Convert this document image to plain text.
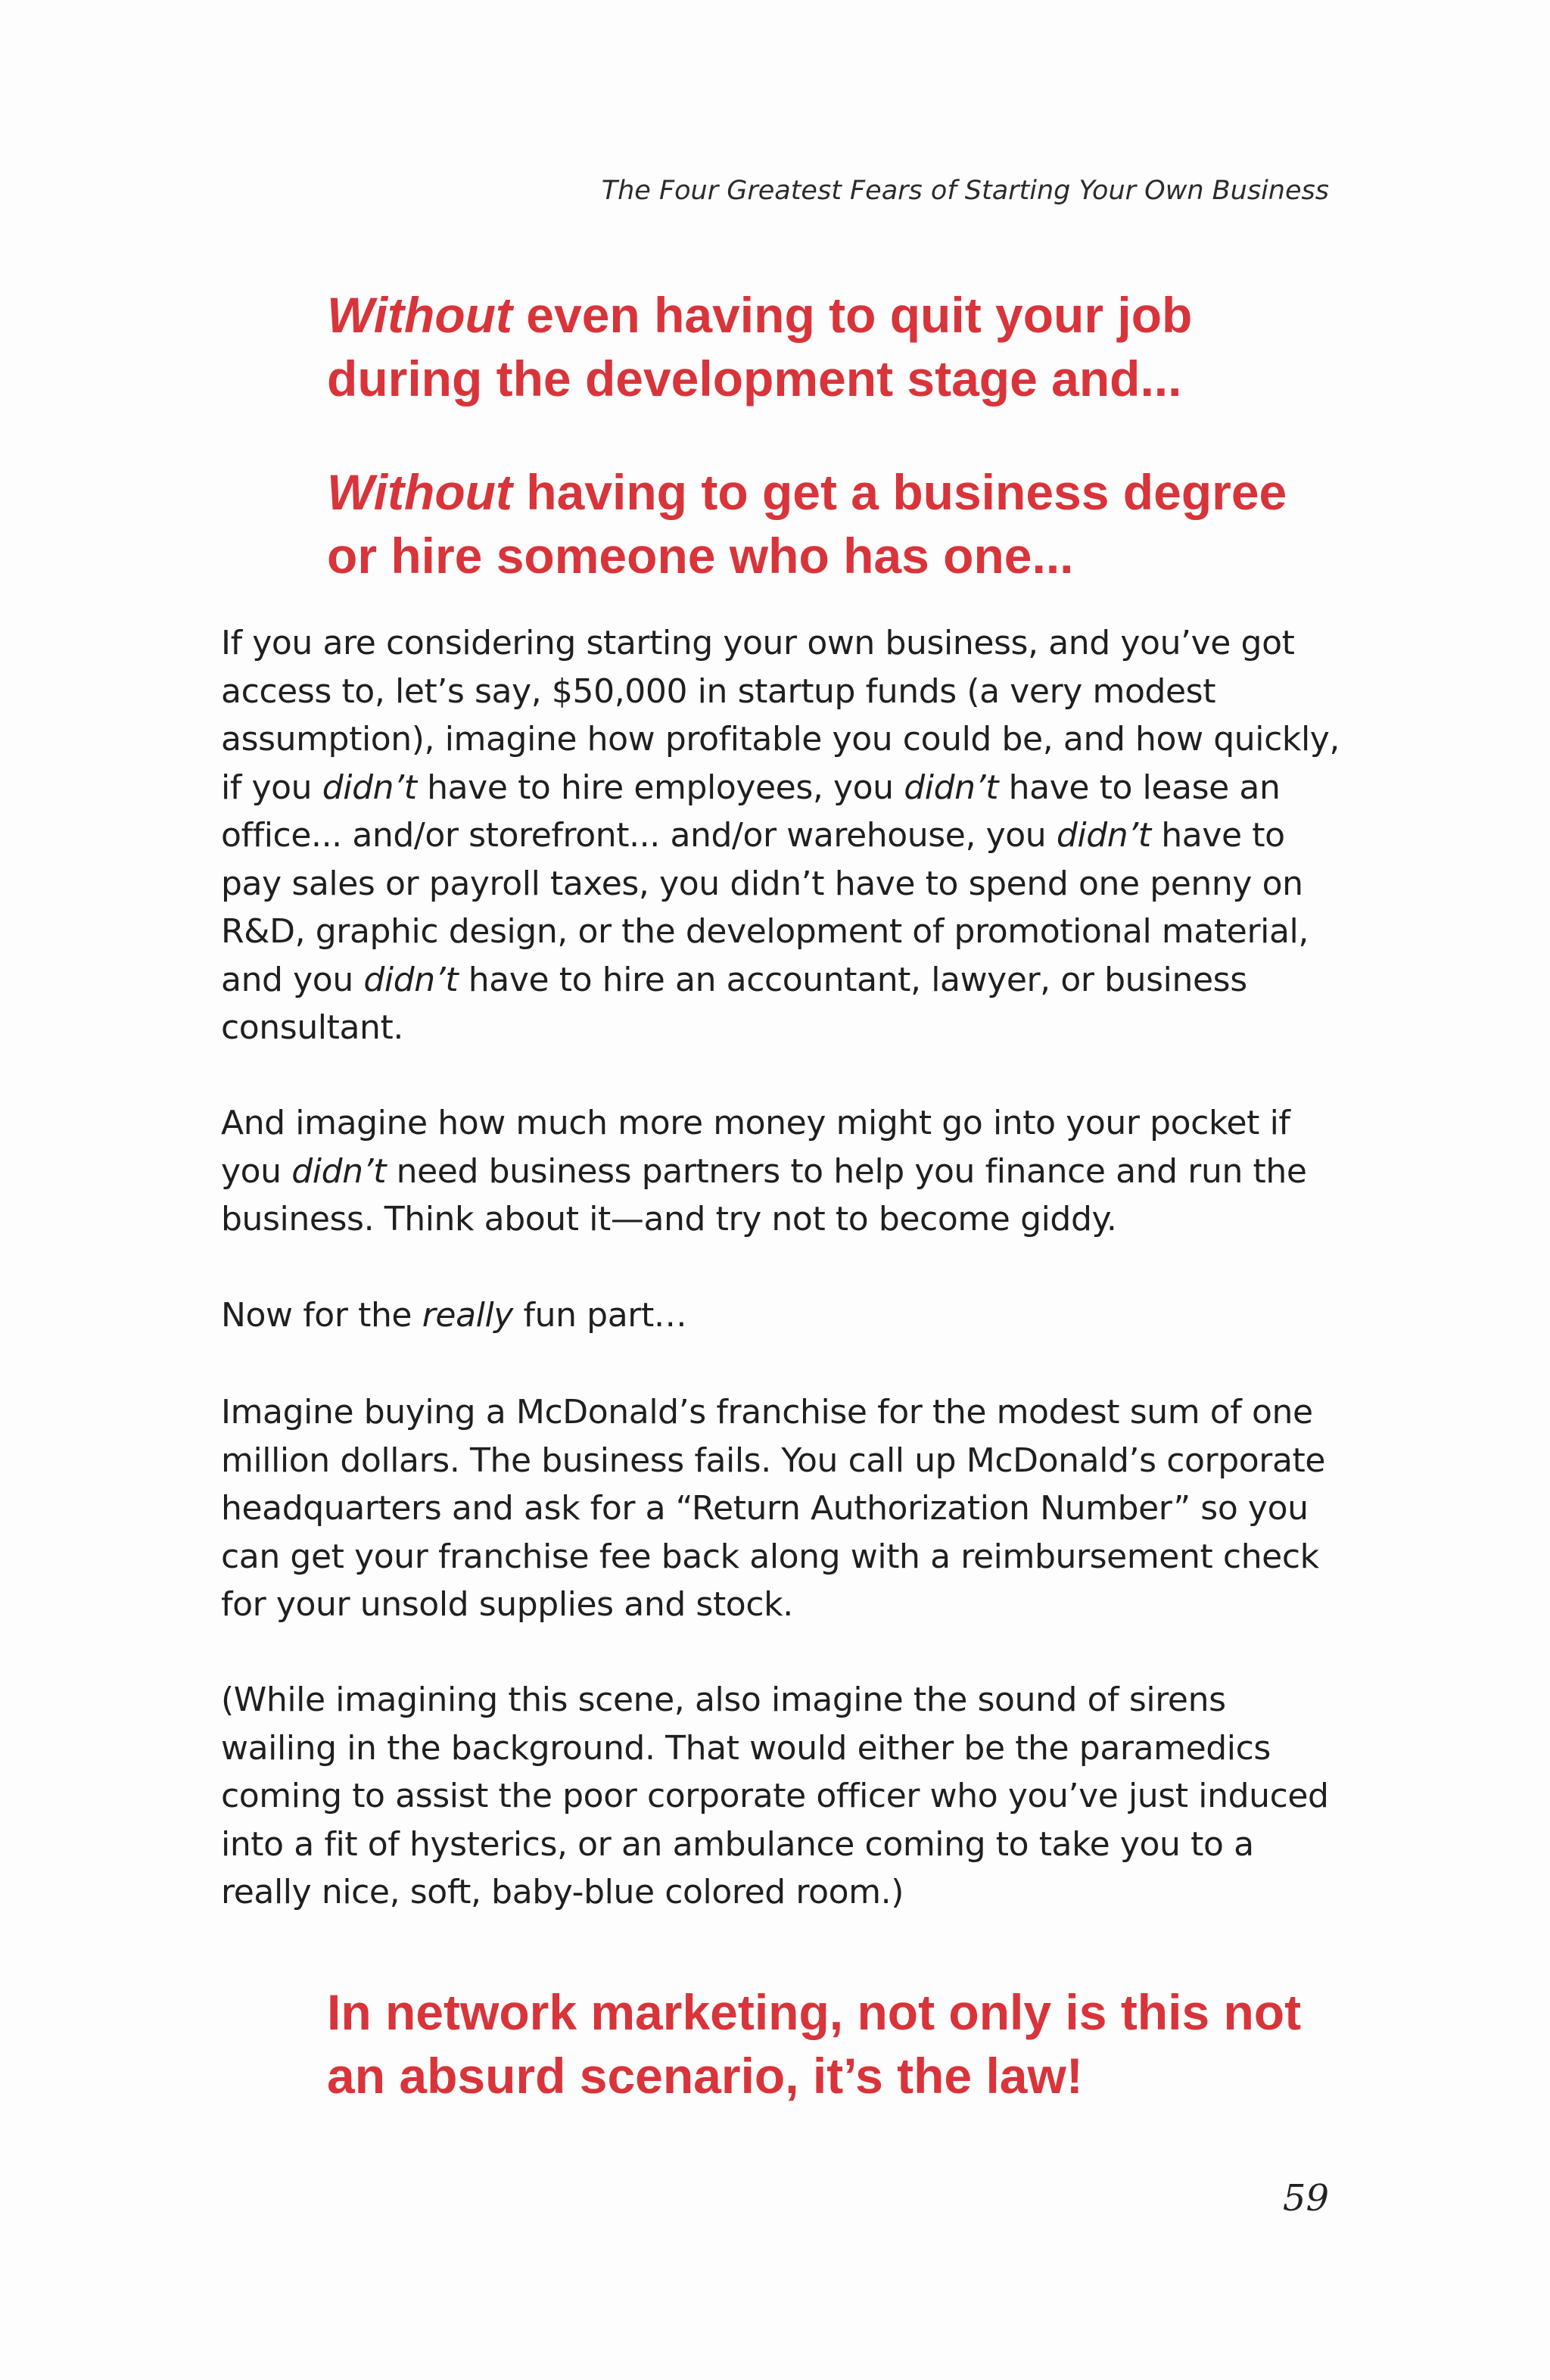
The Four Greatest Fears of Starting Your Own Business

Without even having to quit your job during the development stage and...

Without having to get a business degree or hire someone who has one...

If you are considering starting your own business, and you’ve got access to, let’s say, $50,000 in startup funds (a very modest assumption), imagine how profitable you could be, and how quickly, if you didn’t have to hire employees, you didn’t have to lease an office... and/or storefront... and/or warehouse, you didn’t have to pay sales or payroll taxes, you didn’t have to spend one penny on R&D, graphic design, or the development of promotional material, and you didn’t have to hire an accountant, lawyer, or business consultant.

And imagine how much more money might go into your pocket if you didn’t need business partners to help you finance and run the business. Think about it—and try not to become giddy.

Now for the really fun part…

Imagine buying a McDonald’s franchise for the modest sum of one million dollars. The business fails. You call up McDonald’s corporate headquarters and ask for a “Return Authorization Number” so you can get your franchise fee back along with a reimbursement check for your unsold supplies and stock.

(While imagining this scene, also imagine the sound of sirens wailing in the background. That would either be the paramedics coming to assist the poor corporate officer who you’ve just induced into a fit of hysterics, or an ambulance coming to take you to a really nice, soft, baby-blue colored room.)

In network marketing, not only is this not an absurd scenario, it’s the law!

59
